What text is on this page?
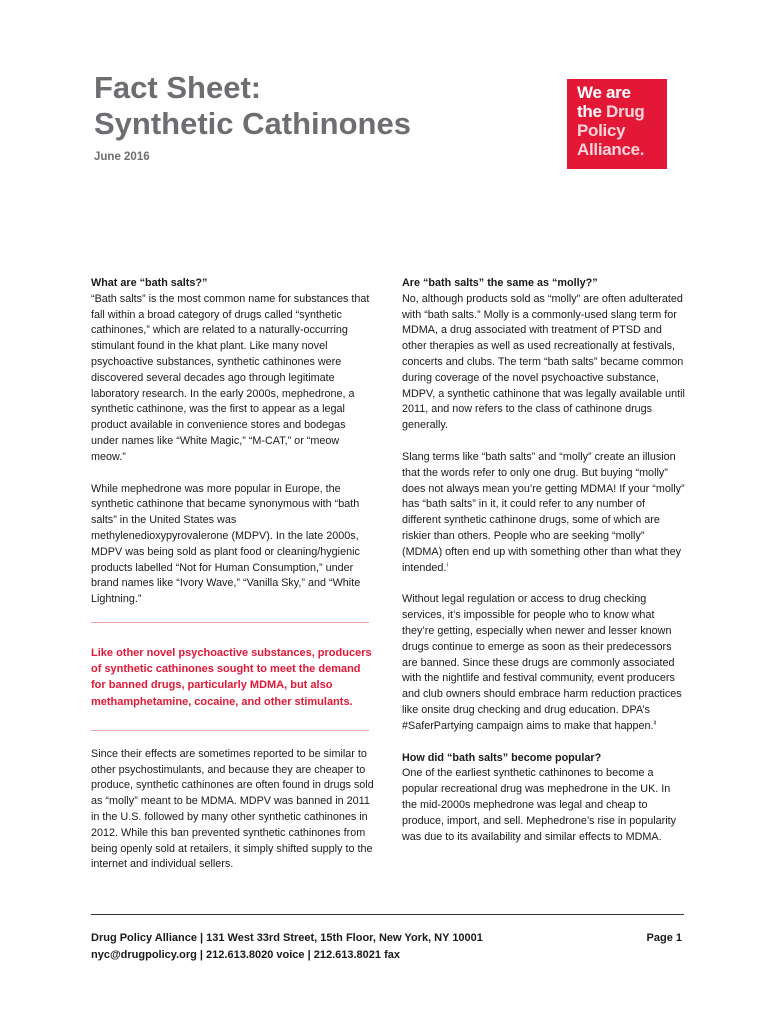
Fact Sheet:
Synthetic Cathinones
June 2016
We are
the Drug
Policy
Alliance.
What are “bath salts?”

“Bath salts” is the most common name for substances that fall within a broad category of drugs called “synthetic cathinones,” which are related to a naturally-occurring stimulant found in the khat plant. Like many novel psychoactive substances, synthetic cathinones were discovered several decades ago through legitimate laboratory research. In the early 2000s, mephedrone, a synthetic cathinone, was the first to appear as a legal product available in convenience stores and bodegas under names like “White Magic,” “M-CAT,” or “meow meow.”

While mephedrone was more popular in Europe, the synthetic cathinone that became synonymous with “bath salts” in the United States was methylenedioxypyrovalerone (MDPV). In the late 2000s, MDPV was being sold as plant food or cleaning/hygienic products labelled “Not for Human Consumption,” under brand names like “Ivory Wave,” “Vanilla Sky,” and “White Lightning.”

Like other novel psychoactive substances, producers of synthetic cathinones sought to meet the demand for banned drugs, particularly MDMA, but also methamphetamine, cocaine, and other stimulants.

Since their effects are sometimes reported to be similar to other psychostimulants, and because they are cheaper to produce, synthetic cathinones are often found in drugs sold as “molly” meant to be MDMA. MDPV was banned in 2011 in the U.S. followed by many other synthetic cathinones in 2012. While this ban prevented synthetic cathinones from being openly sold at retailers, it simply shifted supply to the internet and individual sellers.

Are “bath salts” the same as “molly?”

No, although products sold as “molly” are often adulterated with “bath salts.” Molly is a commonly-used slang term for MDMA, a drug associated with treatment of PTSD and other therapies as well as used recreationally at festivals, concerts and clubs. The term “bath salts” became common during coverage of the novel psychoactive substance, MDPV, a synthetic cathinone that was legally available until 2011, and now refers to the class of cathinone drugs generally.

Slang terms like “bath salts” and “molly” create an illusion that the words refer to only one drug. But buying “molly” does not always mean you’re getting MDMA! If your “molly” has “bath salts” in it, it could refer to any number of different synthetic cathinone drugs, some of which are riskier than others. People who are seeking “molly” (MDMA) often end up with something other than what they intended.$^i$

Without legal regulation or access to drug checking services, it’s impossible for people who to know what they’re getting, especially when newer and lesser known drugs continue to emerge as soon as their predecessors are banned. Since these drugs are commonly associated with the nightlife and festival community, event producers and club owners should embrace harm reduction practices like onsite drug checking and drug education. DPA’s #SaferPartying campaign aims to make that happen.$^{ii}$

How did “bath salts” become popular?

One of the earliest synthetic cathinones to become a popular recreational drug was mephedrone in the UK. In the mid-2000s mephedrone was legal and cheap to produce, import, and sell. Mephedrone’s rise in popularity was due to its availability and similar effects to MDMA.

Drug Policy Alliance | 131 West 33rd Street, 15th Floor, New York, NY 10001
nyc@drugpolicy.org | 212.613.8020 voice | 212.613.8021 fax
Page 1
